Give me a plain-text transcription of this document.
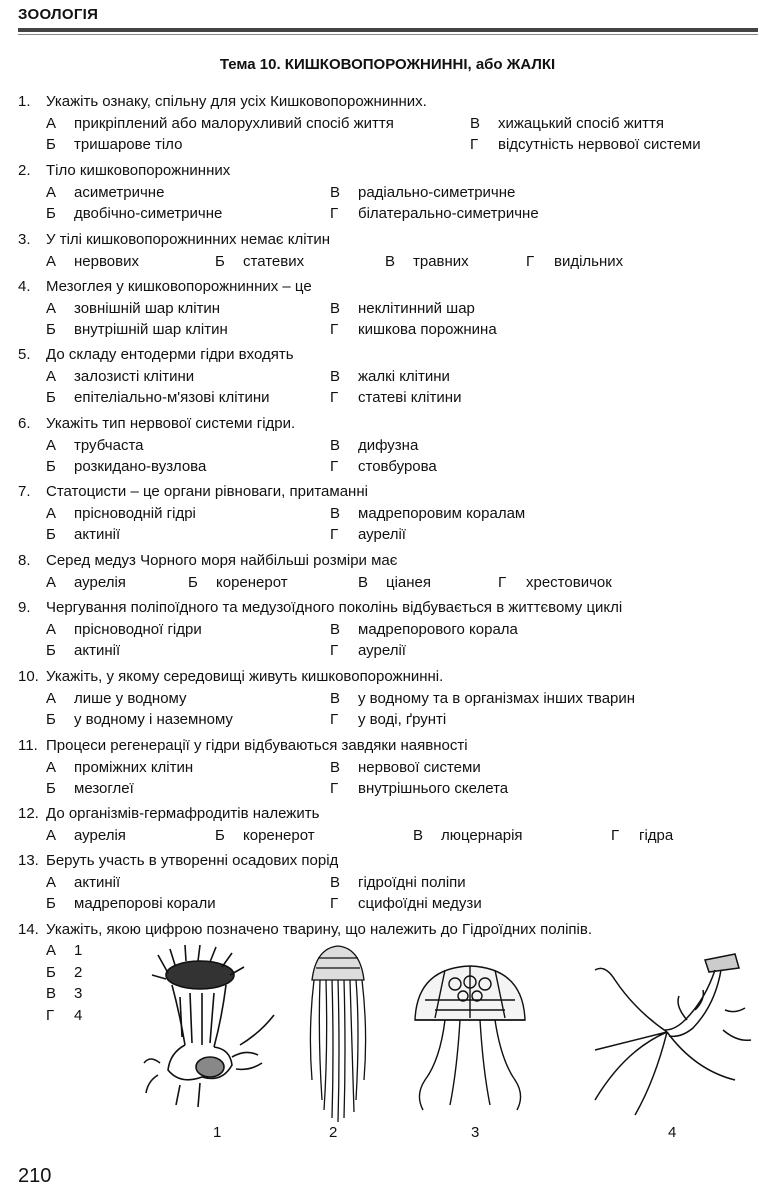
ЗООЛОГІЯ
Тема 10. КИШКОВОПОРОЖНИННІ, або ЖАЛКІ
1. Укажіть ознаку, спільну для усіх Кишковопорожнинних.
А прикріплений або малорухливий спосіб життя	В хижацький спосіб життя
Б тришарове тіло	Г відсутність нервової системи
2. Тіло кишковопорожнинних
А асиметричне	В радіально-симетричне
Б двобічно-симетричне	Г білатерально-симетричне
3. У тілі кишковопорожнинних немає клітин
А нервових	Б статевих	В травних	Г видільних
4. Мезоглея у кишковопорожнинних – це
А зовнішній шар клітин	В неклітинний шар
Б внутрішній шар клітин	Г кишкова порожнина
5. До складу ентодерми гідри входять
А залозисті клітини	В жалкі клітини
Б епітеліально-м'язові клітини	Г статеві клітини
6. Укажіть тип нервової системи гідри.
А трубчаста	В дифузна
Б розкидано-вузлова	Г стовбурова
7. Статоцисти – це органи рівноваги, притаманні
А прісноводній гідрі	В мадрепоровим коралам
Б актинії	Г аурелії
8. Серед медуз Чорного моря найбільші розміри має
А аурелія	Б коренерот	В ціанея	Г хрестовичок
9. Чергування поліпоїдного та медузоїдного поколінь відбувається в життєвому циклі
А прісноводної гідри	В мадрепорового корала
Б актинії	Г аурелії
10. Укажіть, у якому середовищі живуть кишковопорожнинні.
А лише у водному	В у водному та в організмах інших тварин
Б у водному і наземному	Г у воді, ґрунті
11. Процеси регенерації у гідри відбуваються завдяки наявності
А проміжних клітин	В нервової системи
Б мезоглеї	Г внутрішнього скелета
12. До організмів-гермафродитів належить
А аурелія	Б коренерот	В люцернарія	Г гідра
13. Беруть участь в утворенні осадових порід
А актинії	В гідроїдні поліпи
Б мадрепорові корали	Г сцифоїдні медузи
14. Укажіть, якою цифрою позначено тварину, що належить до Гідроїдних поліпів.
А 1
Б 2
В 3
Г 4
1	2	3	4
210
